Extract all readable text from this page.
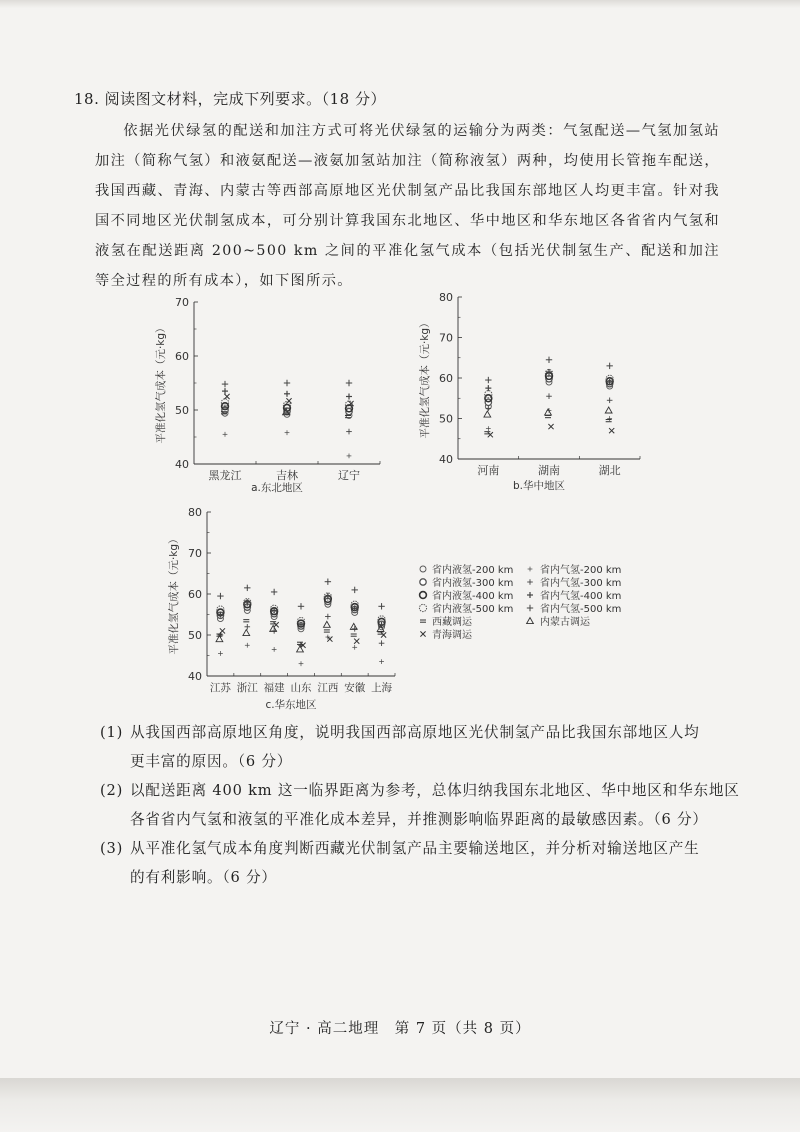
18. 阅读图文材料，完成下列要求。（18 分）

依据光伏绿氢的配送和加注方式可将光伏绿氢的运输分为两类：气氢配送—气氢加氢站加注（简称气氢）和液氨配送—液氨加氢站加注（简称液氢）两种，均使用长管拖车配送，我国西藏、青海、内蒙古等西部高原地区光伏制氢产品比我国东部地区人均更丰富。针对我国不同地区光伏制氢成本，可分别计算我国东北地区、华中地区和华东地区各省省内气氢和液氢在配送距离 200~500 km 之间的平准化氢气成本（包括光伏制氢生产、配送和加注等全过程的所有成本），如下图所示。

40
50
60
70
平准化氢气成本（元·kg）
黑龙江	吉林	辽宁
a.东北地区
40
50
60
70
80
平准化氢气成本（元·kg）
河南	湖南	湖北
b.华中地区
40
50
60
70
80
平准化氢气成本（元·kg）
江苏 浙江 福建 山东 江西 安徽 上海
c.华东地区
省内液氢-200 km
省内液氢-300 km
省内液氢-400 km
省内液氢-500 km
西藏调运
青海调运
省内气氢-200 km
省内气氢-300 km
省内气氢-400 km
省内气氢-500 km
内蒙古调运
(1) 从我国西部高原地区角度，说明我国西部高原地区光伏制氢产品比我国东部地区人均
更丰富的原因。（6 分）
(2) 以配送距离 400 km 这一临界距离为参考，总体归纳我国东北地区、华中地区和华东地区
各省省内气氢和液氢的平准化成本差异，并推测影响临界距离的最敏感因素。（6 分）
(3) 从平准化氢气成本角度判断西藏光伏制氢产品主要输送地区，并分析对输送地区产生
的有利影响。（6 分）
辽宁 · 高二地理　第 7 页（共 8 页）
